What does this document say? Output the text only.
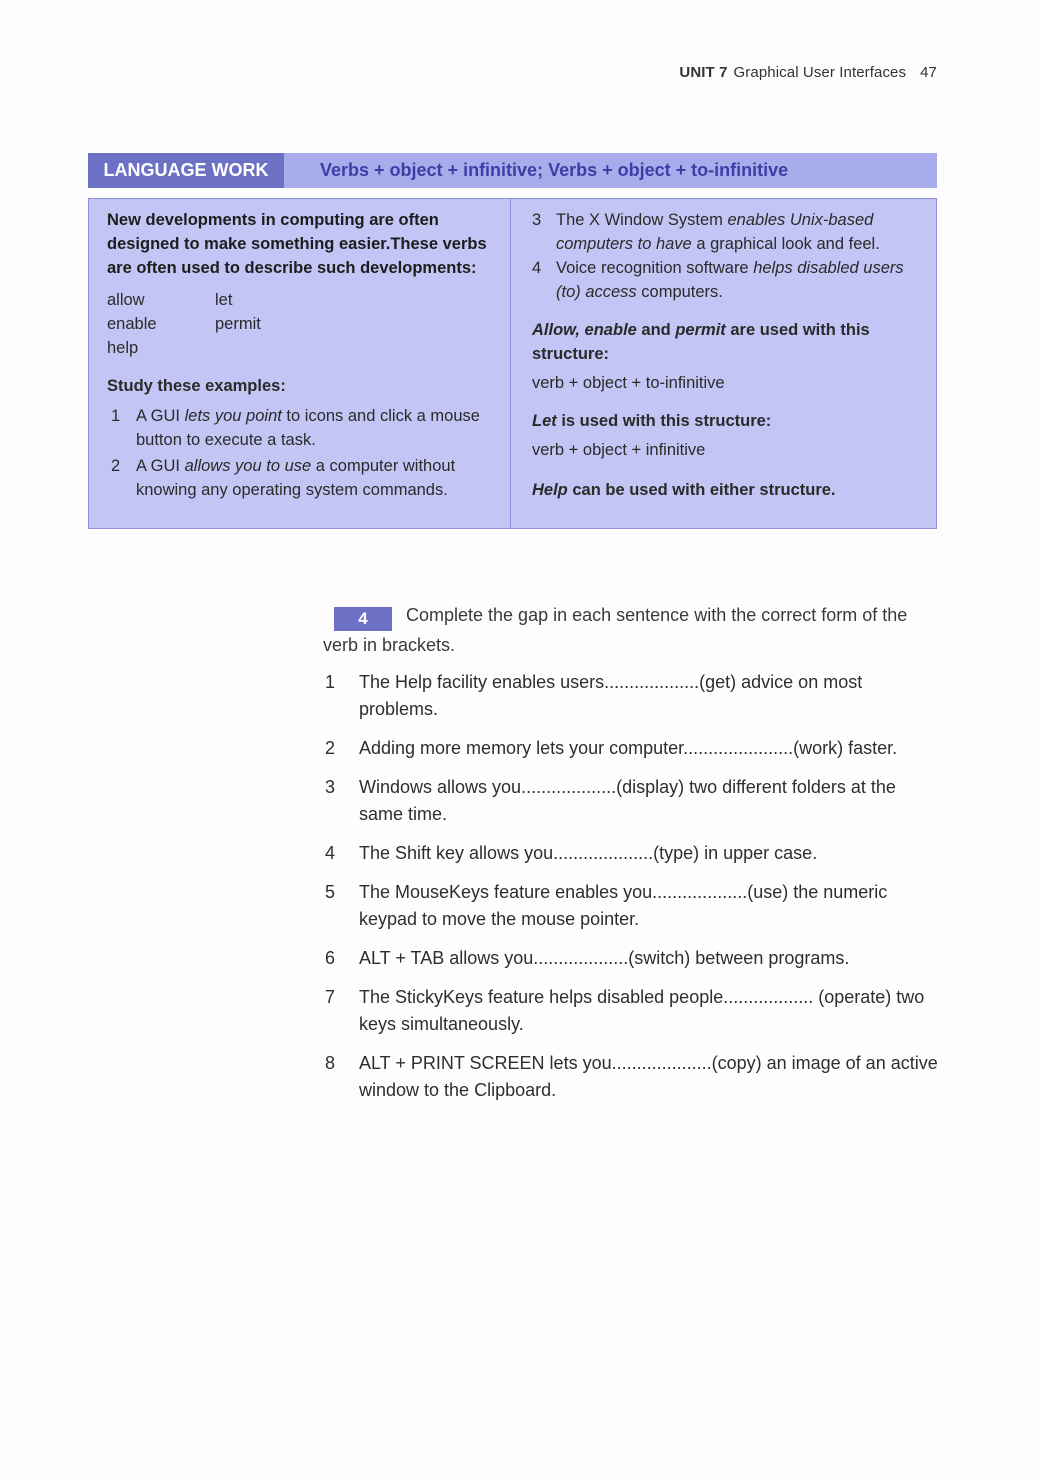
UNIT 7 Graphical User Interfaces 47
LANGUAGE WORK	Verbs + object + infinitive; Verbs + object + to-infinitive
New developments in computing are often designed to make something easier.These verbs are often used to describe such developments:
allow	let
enable	permit
help
Study these examples:
1 A GUI lets you point to icons and click a mouse button to execute a task.
2 A GUI allows you to use a computer without knowing any operating system commands.
3 The X Window System enables Unix-based computers to have a graphical look and feel.
4 Voice recognition software helps disabled users (to) access computers.
Allow, enable and permit are used with this structure:
verb + object + to-infinitive
Let is used with this structure:
verb + object + infinitive
Help can be used with either structure.
4 Complete the gap in each sentence with the correct form of the verb in brackets.
1	The Help facility enables users...................(get) advice on most problems.
2	Adding more memory lets your computer......................(work) faster.
3	Windows allows you...................(display) two different folders at the same time.
4	The Shift key allows you....................(type) in upper case.
5	The MouseKeys feature enables you...................(use) the numeric keypad to move the mouse pointer.
6	ALT + TAB allows you...................(switch) between programs.
7	The StickyKeys feature helps disabled people.................. (operate) two keys simultaneously.
8	ALT + PRINT SCREEN lets you....................(copy) an image of an active window to the Clipboard.
